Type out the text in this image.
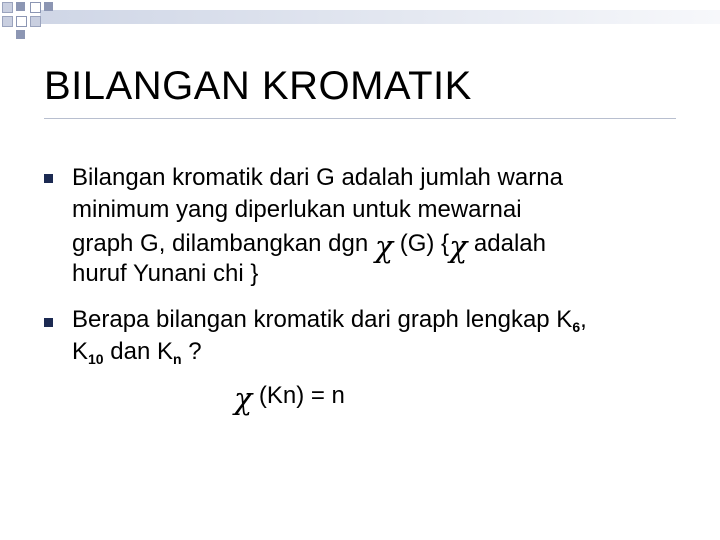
BILANGAN KROMATIK
Bilangan kromatik dari G adalah jumlah warna
minimum yang diperlukan untuk mewarnai
graph G, dilambangkan dgn χ (G) {χ adalah
huruf Yunani chi }
Berapa bilangan kromatik dari graph lengkap $K_6$,
$K_{10}$ dan $K_n$ ?
χ (Kn) = n
